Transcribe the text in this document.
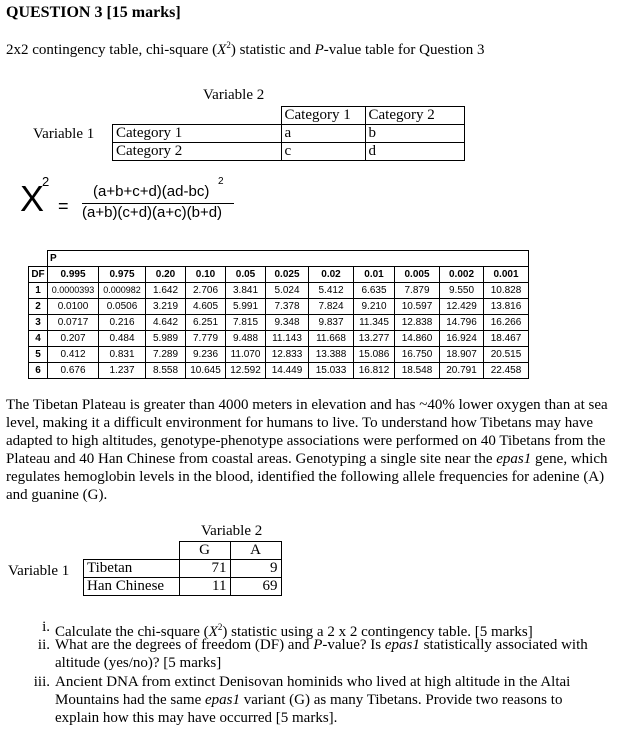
QUESTION 3 [15 marks]
2x2 contingency table, chi-square $(X^2)$ statistic and P-value table for Question 3
Variable 2
Variable 1
	Category 1	Category 2
Category 1	a	b
Category 2	c	d
X
2
=
(a+b+c+d)(ad-bc)
2
(a+b)(c+d)(a+c)(b+d)
	P										
DF	0.995	0.975	0.20	0.10	0.05	0.025	0.02	0.01	0.005	0.002	0.001
1	0.0000393	0.000982	1.642	2.706	3.841	5.024	5.412	6.635	7.879	9.550	10.828
2	0.0100	0.0506	3.219	4.605	5.991	7.378	7.824	9.210	10.597	12.429	13.816
3	0.0717	0.216	4.642	6.251	7.815	9.348	9.837	11.345	12.838	14.796	16.266
4	0.207	0.484	5.989	7.779	9.488	11.143	11.668	13.277	14.860	16.924	18.467
5	0.412	0.831	7.289	9.236	11.070	12.833	13.388	15.086	16.750	18.907	20.515
6	0.676	1.237	8.558	10.645	12.592	14.449	15.033	16.812	18.548	20.791	22.458
The Tibetan Plateau is greater than 4000 meters in elevation and has ~40% lower oxygen than at sea level, making it a difficult environment for humans to live. To understand how Tibetans may have adapted to high altitudes, genotype-phenotype associations were performed on 40 Tibetans from the Plateau and 40 Han Chinese from coastal areas. Genotyping a single site near the epas1 gene, which regulates hemoglobin levels in the blood, identified the following allele frequencies for adenine (A) and guanine (G).
Variable 2
Variable 1
	G	A
Tibetan	71	9
Han Chinese	11	69
i. Calculate the chi-square $(X^2)$ statistic using a 2 x 2 contingency table. [5 marks]
ii. What are the degrees of freedom (DF) and P-value? Is epas1 statistically associated with altitude (yes/no)? [5 marks]
iii. Ancient DNA from extinct Denisovan hominids who lived at high altitude in the Altai Mountains had the same epas1 variant (G) as many Tibetans. Provide two reasons to explain how this may have occurred [5 marks].
